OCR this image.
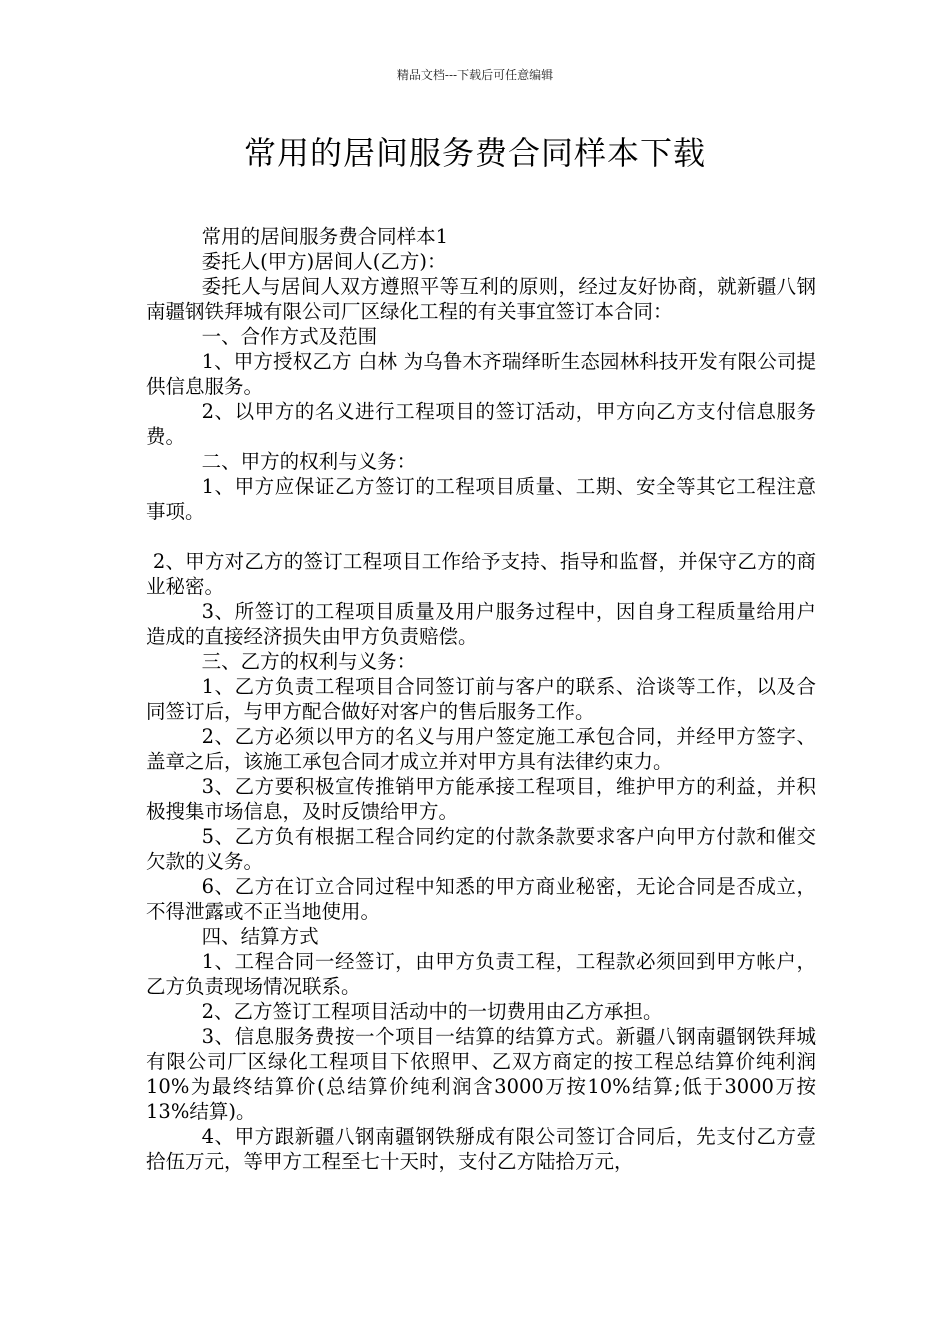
精品文档---下载后可任意编辑
常用的居间服务费合同样本下载

常用的居间服务费合同样本1

委托人(甲方)居间人(乙方)：

委托人与居间人双方遵照平等互利的原则，经过友好协商，就新疆八钢南疆钢铁拜城有限公司厂区绿化工程的有关事宜签订本合同：

一、合作方式及范围

1、甲方授权乙方 白林 为乌鲁木齐瑞绎昕生态园林科技开发有限公司提供信息服务。

2、以甲方的名义进行工程项目的签订活动，甲方向乙方支付信息服务费。

二、甲方的权利与义务：

1、甲方应保证乙方签订的工程项目质量、工期、安全等其它工程注意事项。

2、甲方对乙方的签订工程项目工作给予支持、指导和监督，并保守乙方的商业秘密。

3、所签订的工程项目质量及用户服务过程中，因自身工程质量给用户造成的直接经济损失由甲方负责赔偿。

三、乙方的权利与义务：

1、乙方负责工程项目合同签订前与客户的联系、洽谈等工作，以及合同签订后，与甲方配合做好对客户的售后服务工作。

2、乙方必须以甲方的名义与用户签定施工承包合同，并经甲方签字、盖章之后，该施工承包合同才成立并对甲方具有法律约束力。

3、乙方要积极宣传推销甲方能承接工程项目，维护甲方的利益，并积极搜集市场信息，及时反馈给甲方。

5、乙方负有根据工程合同约定的付款条款要求客户向甲方付款和催交欠款的义务。

6、乙方在订立合同过程中知悉的甲方商业秘密，无论合同是否成立，不得泄露或不正当地使用。

四、结算方式

1、工程合同一经签订，由甲方负责工程，工程款必须回到甲方帐户，乙方负责现场情况联系。

2、乙方签订工程项目活动中的一切费用由乙方承担。

3、信息服务费按一个项目一结算的结算方式。新疆八钢南疆钢铁拜城有限公司厂区绿化工程项目下依照甲、乙双方商定的按工程总结算价纯利润10%为最终结算价(总结算价纯利润含3000万按10%结算;低于3000万按13%结算)。

4、甲方跟新疆八钢南疆钢铁掰成有限公司签订合同后，先支付乙方壹拾伍万元，等甲方工程至七十天时，支付乙方陆拾万元，
